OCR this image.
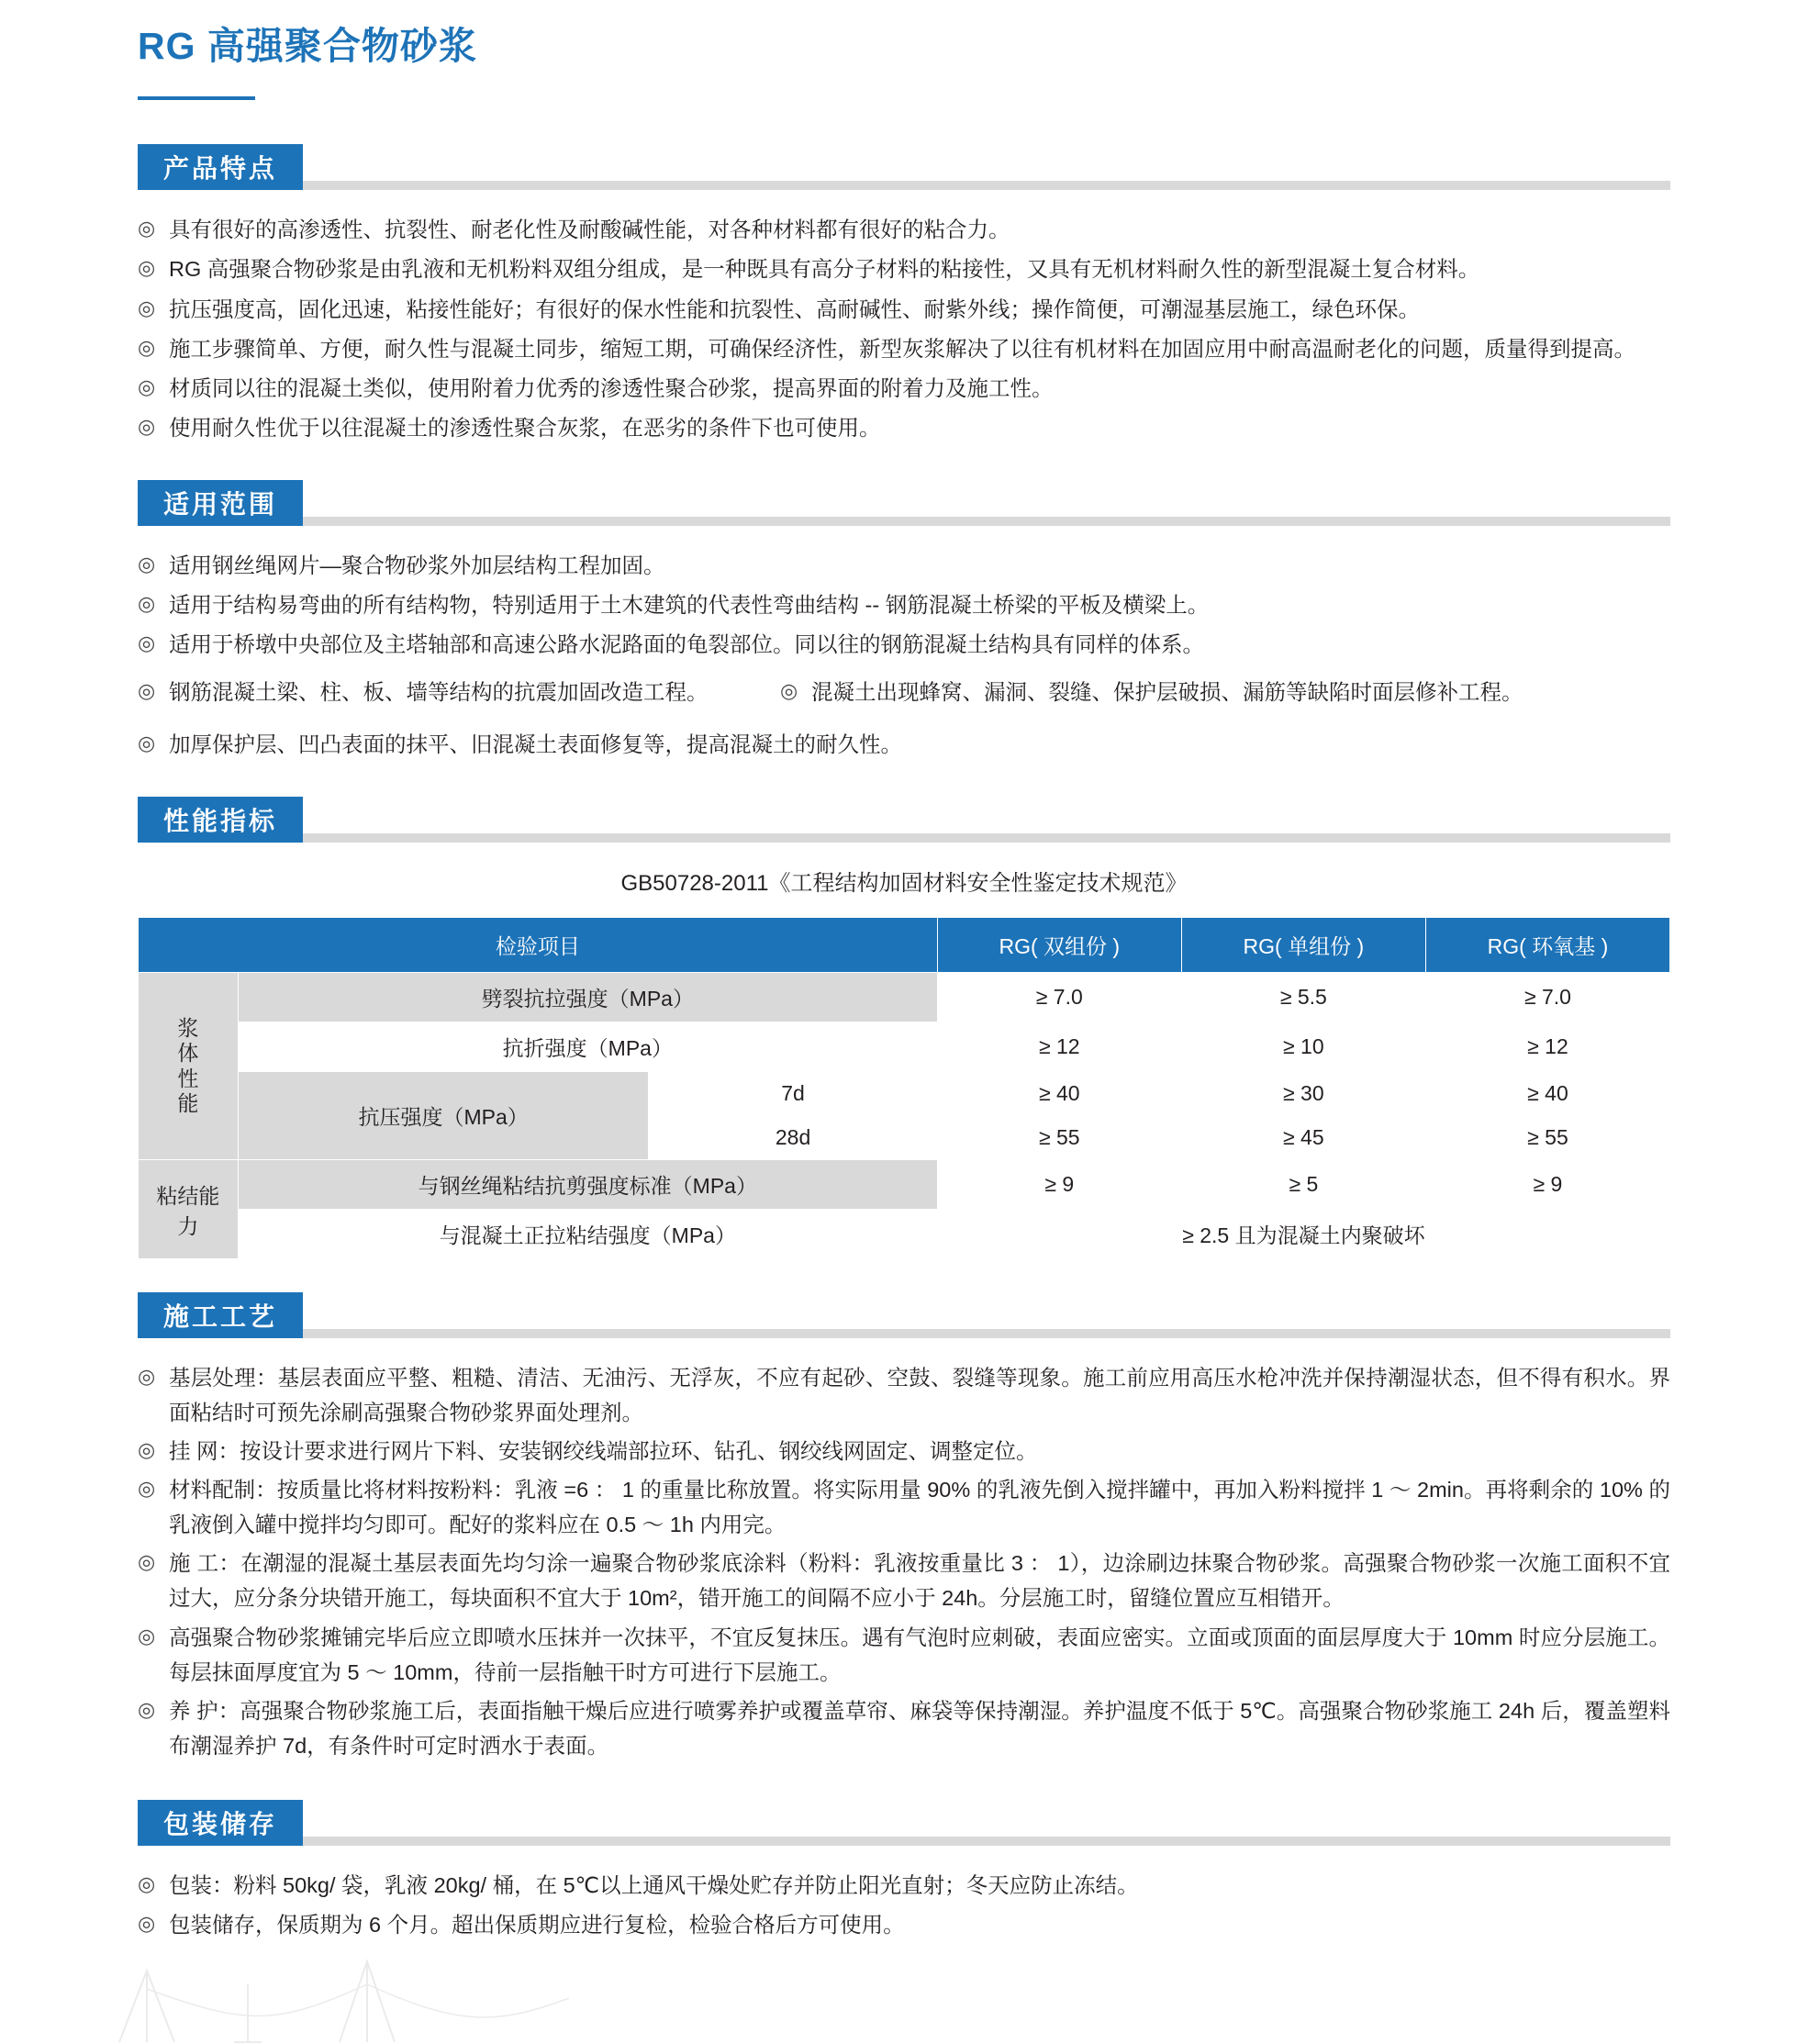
RG 高强聚合物砂浆
产品特点
◎ 具有很好的高渗透性、抗裂性、耐老化性及耐酸碱性能，对各种材料都有很好的粘合力。
◎ RG 高强聚合物砂浆是由乳液和无机粉料双组分组成，是一种既具有高分子材料的粘接性，又具有无机材料耐久性的新型混凝土复合材料。
◎ 抗压强度高，固化迅速，粘接性能好；有很好的保水性能和抗裂性、高耐碱性、耐紫外线；操作简便，可潮湿基层施工，绿色环保。
◎ 施工步骤简单、方便，耐久性与混凝土同步，缩短工期，可确保经济性，新型灰浆解决了以往有机材料在加固应用中耐高温耐老化的问题，质量得到提高。
◎ 材质同以往的混凝土类似，使用附着力优秀的渗透性聚合砂浆，提高界面的附着力及施工性。
◎ 使用耐久性优于以往混凝土的渗透性聚合灰浆，在恶劣的条件下也可使用。
适用范围
◎ 适用钢丝绳网片—聚合物砂浆外加层结构工程加固。
◎ 适用于结构易弯曲的所有结构物，特别适用于土木建筑的代表性弯曲结构 -- 钢筋混凝土桥梁的平板及横梁上。
◎ 适用于桥墩中央部位及主塔轴部和高速公路水泥路面的龟裂部位。同以往的钢筋混凝土结构具有同样的体系。
◎ 钢筋混凝土梁、柱、板、墙等结构的抗震加固改造工程。	◎ 混凝土出现蜂窝、漏洞、裂缝、保护层破损、漏筋等缺陷时面层修补工程。
◎ 加厚保护层、凹凸表面的抹平、旧混凝土表面修复等，提高混凝土的耐久性。
性能指标
GB50728-2011《工程结构加固材料安全性鉴定技术规范》
检验项目			RG( 双组份 )	RG( 单组份 )	RG( 环氧基 )
浆
体
性
能	劈裂抗拉强度（MPa）		≥ 7.0	≥ 5.5	≥ 7.0
	抗折强度（MPa）		≥ 12	≥ 10	≥ 12
	抗压强度（MPa）	7d	≥ 40	≥ 30	≥ 40
		28d	≥ 55	≥ 45	≥ 55
粘结能
力	与钢丝绳粘结抗剪强度标准（MPa）		≥ 9	≥ 5	≥ 9
	与混凝土正拉粘结强度（MPa）		≥ 2.5 且为混凝土内聚破坏		
施工工艺
◎ 基层处理：基层表面应平整、粗糙、清洁、无油污、无浮灰，不应有起砂、空鼓、裂缝等现象。施工前应用高压水枪冲洗并保持潮湿状态，但不得有积水。界面粘结时可预先涂刷高强聚合物砂浆界面处理剂。
◎ 挂 网：按设计要求进行网片下料、安装钢绞线端部拉环、钻孔、钢绞线网固定、调整定位。
◎ 材料配制：按质量比将材料按粉料：乳液 =6 ： 1 的重量比称放置。将实际用量 90% 的乳液先倒入搅拌罐中，再加入粉料搅拌 1 ～ 2min。再将剩余的 10% 的乳液倒入罐中搅拌均匀即可。配好的浆料应在 0.5 ～ 1h 内用完。
◎ 施 工：在潮湿的混凝土基层表面先均匀涂一遍聚合物砂浆底涂料（粉料：乳液按重量比 3 ： 1），边涂刷边抹聚合物砂浆。高强聚合物砂浆一次施工面积不宜过大，应分条分块错开施工，每块面积不宜大于 10m²，错开施工的间隔不应小于 24h。分层施工时，留缝位置应互相错开。
◎ 高强聚合物砂浆摊铺完毕后应立即喷水压抹并一次抹平，不宜反复抹压。遇有气泡时应刺破，表面应密实。立面或顶面的面层厚度大于 10mm 时应分层施工。每层抹面厚度宜为 5 ～ 10mm，待前一层指触干时方可进行下层施工。
◎ 养 护：高强聚合物砂浆施工后，表面指触干燥后应进行喷雾养护或覆盖草帘、麻袋等保持潮湿。养护温度不低于 5℃。高强聚合物砂浆施工 24h 后，覆盖塑料布潮湿养护 7d，有条件时可定时洒水于表面。
包装储存
◎ 包装：粉料 50kg/ 袋，乳液 20kg/ 桶，在 5℃以上通风干燥处贮存并防止阳光直射；冬天应防止冻结。
◎ 包装储存，保质期为 6 个月。超出保质期应进行复检，检验合格后方可使用。
